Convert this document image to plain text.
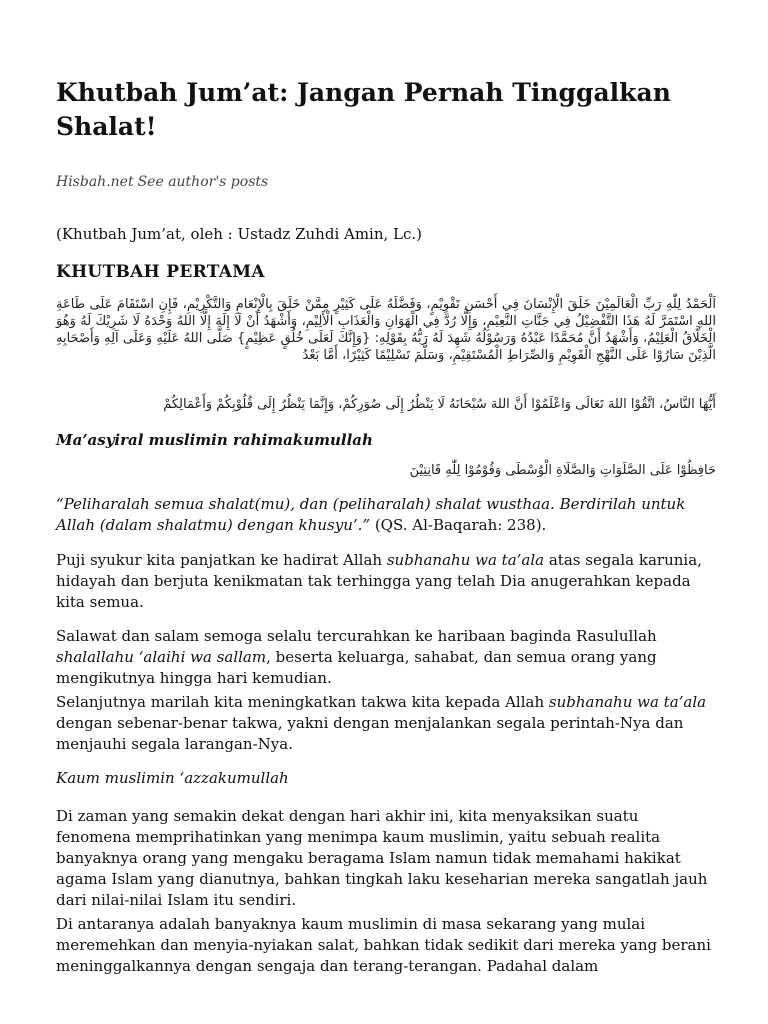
Khutbah Jum’at: Jangan Pernah Tinggalkan Shalat!
Hisbah.net See author's posts

(Khutbah Jum’at, oleh : Ustadz Zuhdi Amin, Lc.)

KHUTBAH PERTAMA

اَلْحَمْدُ لِلّٰهِ رَبِّ الْعَالَمِيْنَ خَلَقَ الْإِنْسَانَ فِي أَحْسَنِ تَقْوِيْمٍ، وَفَضَّلَهُ عَلَى كَثِيْرٍ مِمَّنْ خَلَقَ بِالْإِنْعَامِ وَالتَّكْرِيْمِ، فَإِنِ اسْتَقَامَ عَلَى طَاعَةِ اللهِ اسْتَمَرَّ لَهُ هَذَا التَّفْضِيْلُ فِي جَنَّاتِ النَّعِيْمِ، وَإِلَّا رُدَّ فِي الْهَوَانِ وَالْعَذَابِ الْأَلِيْمِ، وَأَشْهَدُ أَنْ لَا إِلَهَ إِلَّا اللهُ وَحْدَهُ لَا شَرِيْكَ لَهُ وَهُوَ الْخَلَّاقُ الْعَلِيْمُ، وَأَشْهَدُ أَنَّ مُحَمَّدًا عَبْدُهُ وَرَسُوْلُهُ شَهِدَ لَهُ رَبُّهُ بِقَوْلِهِ: {وَإِنَّكَ لَعَلَى خُلُقٍ عَظِيْمٍ} صَلَّى اللهُ عَلَيْهِ وَعَلَى آلِهِ وَأَصْحَابِهِ الَّذِيْنَ سَارُوْا عَلَى النَّهْجِ الْقَوِيْمِ وَالصِّرَاطِ الْمُسْتَقِيْمِ، وَسَلَّمَ تَسْلِيْمًا كَثِيْرًا، أَمَّا بَعْدُ

أَيُّهَا النَّاسُ، اتَّقُوْا اللهَ تَعَالَى وَاعْلَمُوْا أَنَّ اللهَ سُبْحَانَهُ لَا يَنْظُرُ إِلَى صُوَرِكُمْ، وَإِنَّمَا يَنْظُرُ إِلَى قُلُوْبِكُمْ وَأَعْمَالِكُمْ

Ma’asyiral muslimin rahimakumullah

حَافِظُوْا عَلَى الصَّلَوَاتِ وَالصَّلَاةِ الْوُسْطَى وَقُوْمُوْا لِلّٰهِ قَانِتِيْنَ

“Peliharalah semua shalat(mu), dan (peliharalah) shalat wusthaa. Berdirilah untuk Allah (dalam shalatmu) dengan khusyu’.” (QS. Al-Baqarah: 238).

Puji syukur kita panjatkan ke hadirat Allah subhanahu wa ta’ala atas segala karunia, hidayah dan berjuta kenikmatan tak terhingga yang telah Dia anugerahkan kepada kita semua.

Salawat dan salam semoga selalu tercurahkan ke haribaan baginda Rasulullah shalallahu ‘alaihi wa sallam, beserta keluarga, sahabat, dan semua orang yang mengikutnya hingga hari kemudian.

Selanjutnya marilah kita meningkatkan takwa kita kepada Allah subhanahu wa ta’ala dengan sebenar-benar takwa, yakni dengan menjalankan segala perintah-Nya dan menjauhi segala larangan-Nya.

Kaum muslimin ‘azzakumullah

Di zaman yang semakin dekat dengan hari akhir ini, kita menyaksikan suatu fenomena memprihatinkan yang menimpa kaum muslimin, yaitu sebuah realita banyaknya orang yang mengaku beragama Islam namun tidak memahami hakikat agama Islam yang dianutnya, bahkan tingkah laku keseharian mereka sangatlah jauh dari nilai-nilai Islam itu sendiri.

Di antaranya adalah banyaknya kaum muslimin di masa sekarang yang mulai meremehkan dan menyia-nyiakan salat, bahkan tidak sedikit dari mereka yang berani meninggalkannya dengan sengaja dan terang-terangan. Padahal dalam
